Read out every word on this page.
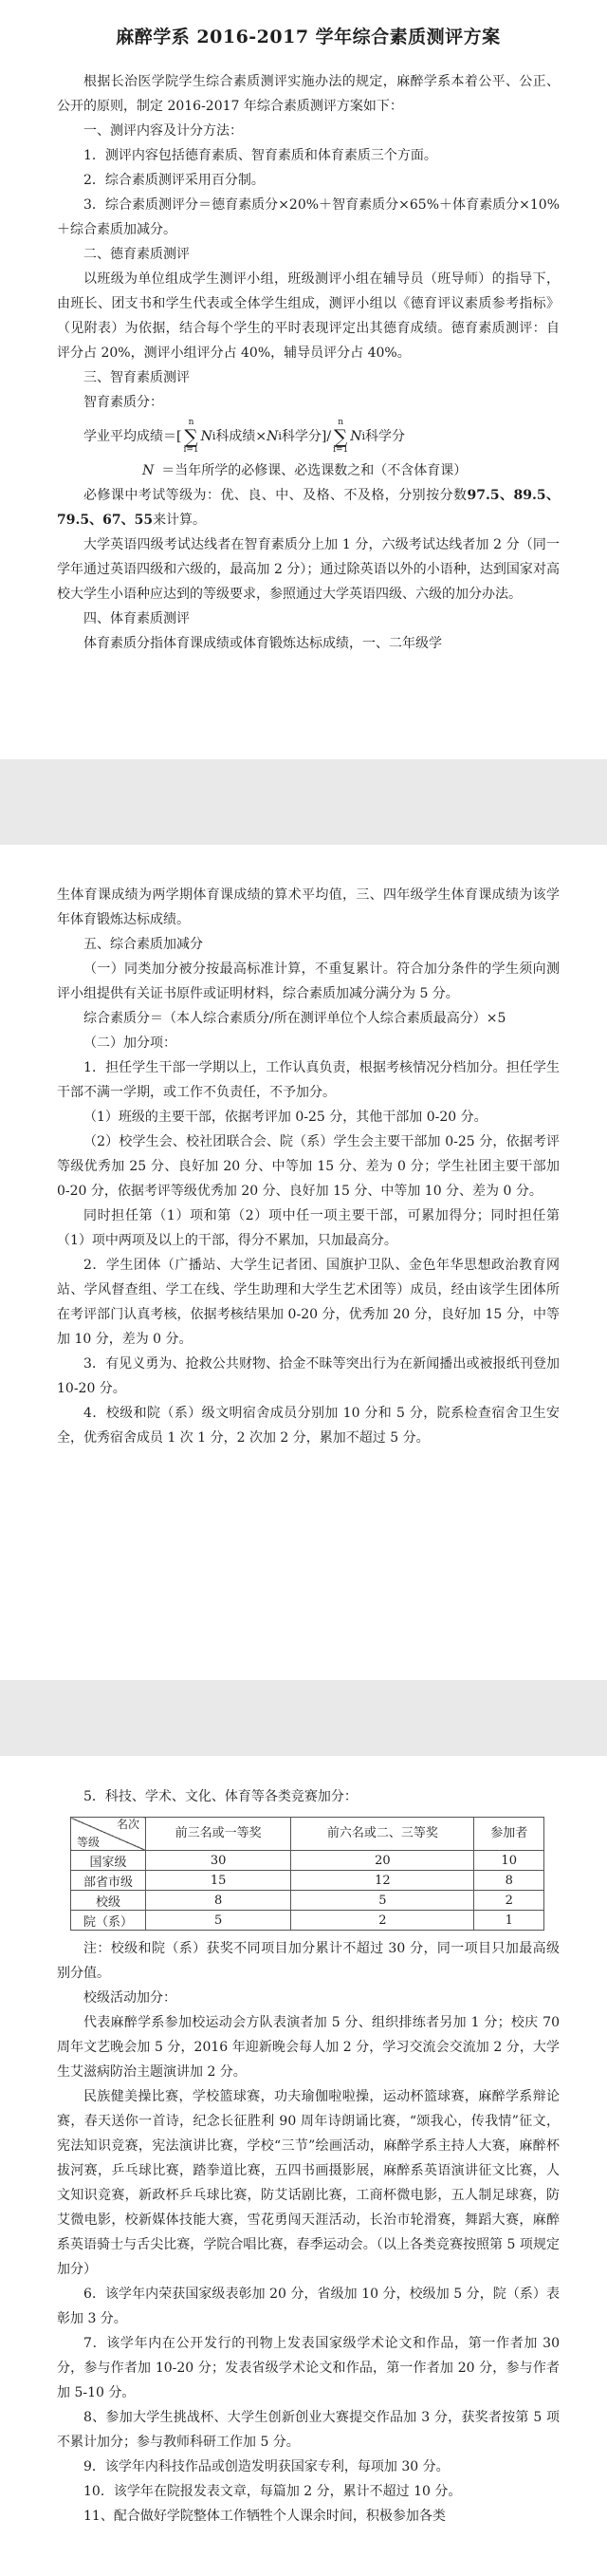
麻醉学系 2016-2017 学年综合素质测评方案

根据长治医学院学生综合素质测评实施办法的规定，麻醉学系本着公平、公正、公开的原则，制定 2016-2017 年综合素质测评方案如下：

一、测评内容及计分方法：

1．测评内容包括德育素质、智育素质和体育素质三个方面。

2．综合素质测评采用百分制。

3．综合素质测评分＝德育素质分×20%＋智育素质分×65%＋体育素质分×10%＋综合素质加减分。

二、德育素质测评

以班级为单位组成学生测评小组，班级测评小组在辅导员（班导师）的指导下，由班长、团支书和学生代表或全体学生组成，测评小组以《德育评议素质参考指标》（见附表）为依据，结合每个学生的平时表现评定出其德育成绩。德育素质测评：自评分占 20%，测评小组评分占 40%，辅导员评分占 40%。

三、智育素质测评

智育素质分：

学业平均成绩＝ [
n
∑
i=1
N i 科成绩× N i 科学分 ]/
n
∑
i=1
N i 科学分
N ＝当年所学的必修课、必选课数之和（不含体育课）

必修课中考试等级为：优、良、中、及格、不及格，分别按分数97.5、89.5、79.5、67、55来计算。

大学英语四级考试达线者在智育素质分上加 1 分，六级考试达线者加 2 分（同一学年通过英语四级和六级的，最高加 2 分）；通过除英语以外的小语种，达到国家对高校大学生小语种应达到的等级要求，参照通过大学英语四级、六级的加分办法。

四、体育素质测评

体育素质分指体育课成绩或体育锻炼达标成绩，一、二年级学

生体育课成绩为两学期体育课成绩的算术平均值，三、四年级学生体育课成绩为该学年体育锻炼达标成绩。

五、综合素质加减分

（一）同类加分被分按最高标准计算，不重复累计。符合加分条件的学生须向测评小组提供有关证书原件或证明材料，综合素质加减分满分为 5 分。

综合素质分＝（本人综合素质分/所在测评单位个人综合素质最高分）×5

（二）加分项：

1．担任学生干部一学期以上，工作认真负责，根据考核情况分档加分。担任学生干部不满一学期，或工作不负责任，不予加分。

（1）班级的主要干部，依据考评加 0-25 分，其他干部加 0-20 分。

（2）校学生会、校社团联合会、院（系）学生会主要干部加 0-25 分，依据考评等级优秀加 25 分、良好加 20 分、中等加 15 分、差为 0 分；学生社团主要干部加 0-20 分，依据考评等级优秀加 20 分、良好加 15 分、中等加 10 分、差为 0 分。

同时担任第（1）项和第（2）项中任一项主要干部，可累加得分；同时担任第（1）项中两项及以上的干部，得分不累加，只加最高分。

2．学生团体（广播站、大学生记者团、国旗护卫队、金色年华思想政治教育网站、学风督查组、学工在线、学生助理和大学生艺术团等）成员，经由该学生团体所在考评部门认真考核，依据考核结果加 0-20 分，优秀加 20 分，良好加 15 分，中等加 10 分，差为 0 分。

3．有见义勇为、抢救公共财物、拾金不昧等突出行为在新闻播出或被报纸刊登加 10-20 分。

4．校级和院（系）级文明宿舍成员分别加 10 分和 5 分，院系检查宿舍卫生安全，优秀宿舍成员 1 次 1 分，2 次加 2 分，累加不超过 5 分。

5．科技、学术、文化、体育等各类竞赛加分：

名次
等级	前三名或一等奖	前六名或二、三等奖	参加者
国家级	30	20	10
部省市级	15	12	8
校级	8	5	2
院（系）	5	2	1

注：校级和院（系）获奖不同项目加分累计不超过 30 分，同一项目只加最高级别分值。

校级活动加分：

代表麻醉学系参加校运动会方队表演者加 5 分、组织排练者另加 1 分；校庆 70 周年文艺晚会加 5 分，2016 年迎新晚会每人加 2 分，学习交流会交流加 2 分，大学生艾滋病防治主题演讲加 2 分。

民族健美操比赛，学校篮球赛，功夫瑜伽啦啦操，运动杯篮球赛，麻醉学系辩论赛，春天送你一首诗，纪念长征胜利 90 周年诗朗诵比赛，“颂我心，传我情”征文，宪法知识竞赛，宪法演讲比赛，学校“三节”绘画活动，麻醉学系主持人大赛，麻醉杯拔河赛，乒乓球比赛，踏拳道比赛，五四书画摄影展，麻醉系英语演讲征文比赛，人文知识竞赛，新政杯乒乓球比赛，防艾话剧比赛，工商杯微电影，五人制足球赛，防艾微电影，校新媒体技能大赛，雪花勇闯天涯活动，长治市轮滑赛，舞蹈大赛，麻醉系英语骑士与舌尖比赛，学院合唱比赛，春季运动会。（以上各类竞赛按照第 5 项规定加分）

6．该学年内荣获国家级表彰加 20 分，省级加 10 分，校级加 5 分，院（系）表彰加 3 分。

7．该学年内在公开发行的刊物上发表国家级学术论文和作品，第一作者加 30 分，参与作者加 10-20 分；发表省级学术论文和作品，第一作者加 20 分，参与作者加 5-10 分。

8、参加大学生挑战杯、大学生创新创业大赛提交作品加 3 分，获奖者按第 5 项不累计加分；参与教师科研工作加 5 分。

9．该学年内科技作品或创造发明获国家专利，每项加 30 分。

10．该学年在院报发表文章，每篇加 2 分，累计不超过 10 分。

11、配合做好学院整体工作牺牲个人课余时间，积极参加各类
